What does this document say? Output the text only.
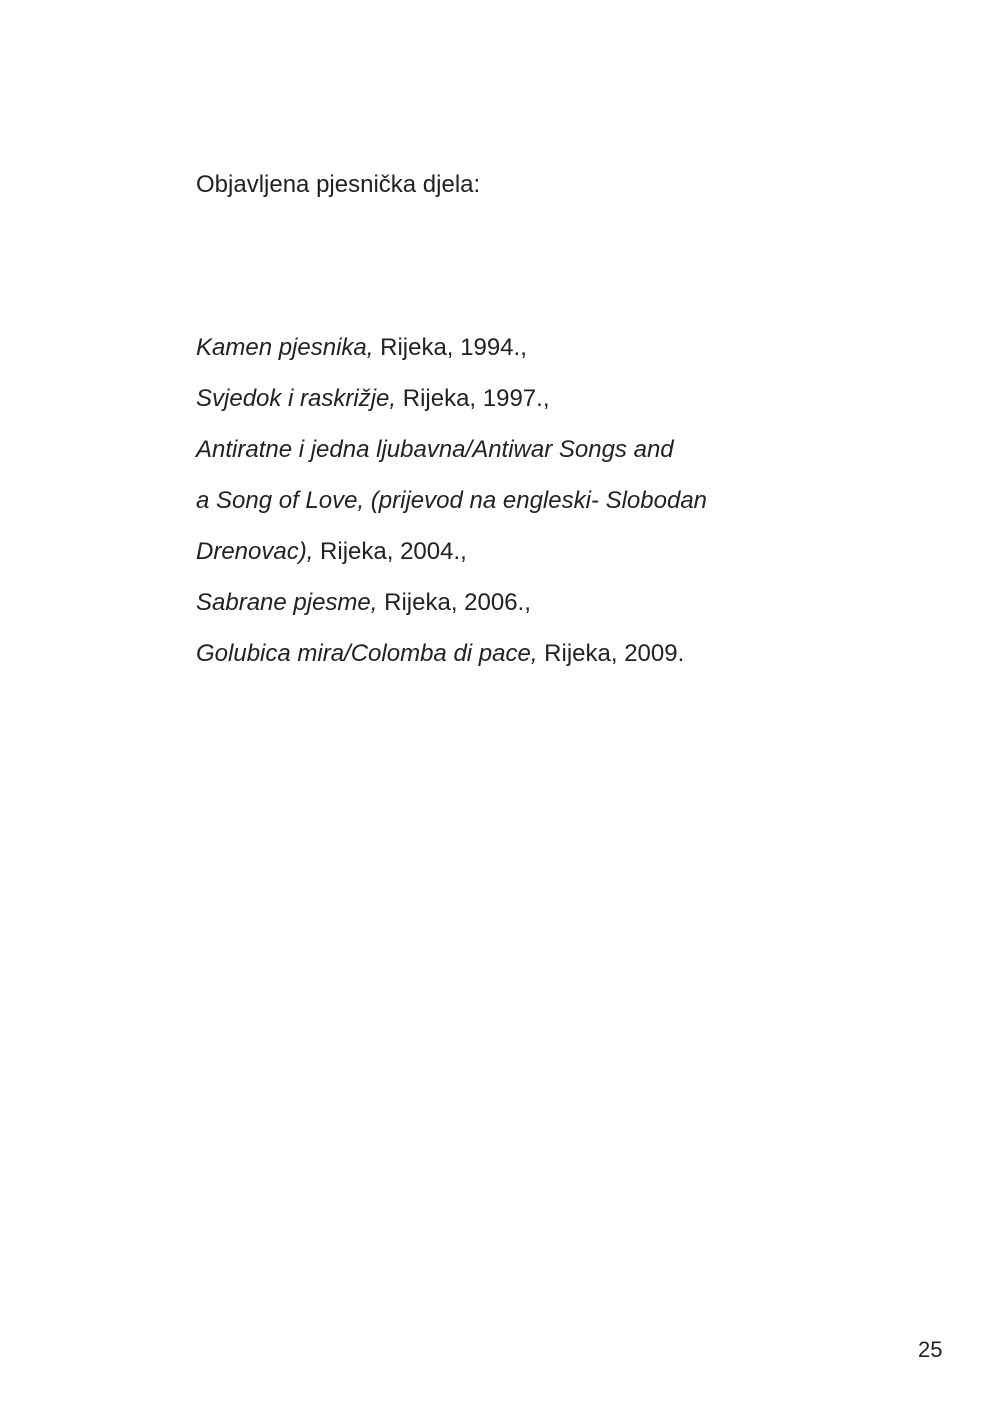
Objavljena pjesnička djela:
Kamen pjesnika, Rijeka, 1994.,
Svjedok i raskrižje, Rijeka, 1997.,
Antiratne i jedna ljubavna/Antiwar Songs and
a Song of Love, (prijevod na engleski- Slobodan
Drenovac), Rijeka, 2004.,
Sabrane pjesme, Rijeka, 2006.,
Golubica mira/Colomba di pace, Rijeka, 2009.
25
